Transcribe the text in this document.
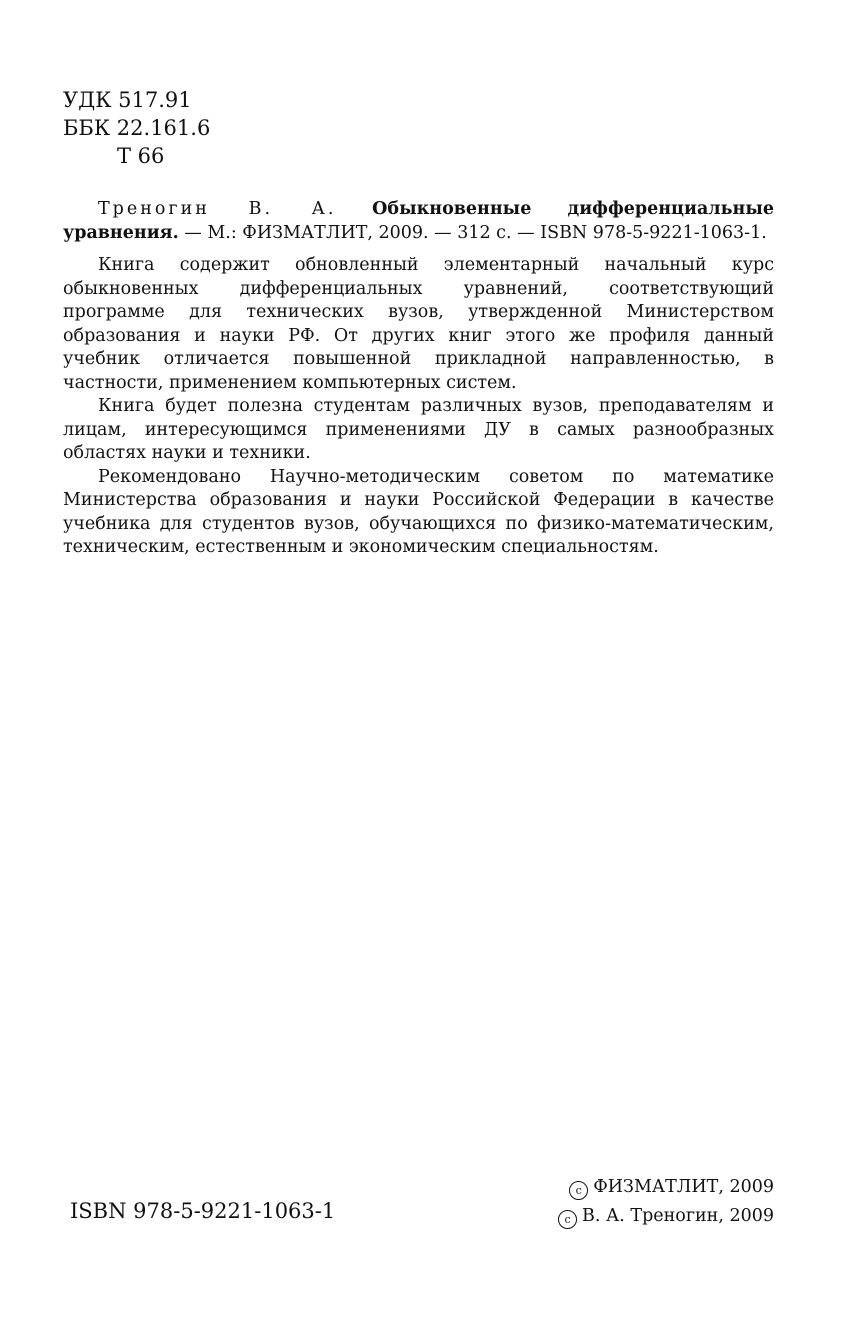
УДК 517.91
ББК 22.161.6
Т 66

Треногин В. А. Обыкновенные дифференциальные уравнения. — М.: ФИЗМАТЛИТ, 2009. — 312 с. — ISBN 978-5-9221-1063-1.

Книга содержит обновленный элементарный начальный курс обыкновенных дифференциальных уравнений, соответствующий программе для технических вузов, утвержденной Министерством образования и науки РФ. От других книг этого же профиля данный учебник отличается повышенной прикладной направленностью, в частности, применением компьютерных систем.

Книга будет полезна студентам различных вузов, преподавателям и лицам, интересующимся применениями ДУ в самых разнообразных областях науки и техники.

Рекомендовано Научно-методическим советом по математике Министерства образования и науки Российской Федерации в качестве учебника для студентов вузов, обучающихся по физико-математическим, техническим, естественным и экономическим специальностям.

ISBN 978-5-9221-1063-1
c ФИЗМАТЛИТ, 2009
c В. А. Треногин, 2009
